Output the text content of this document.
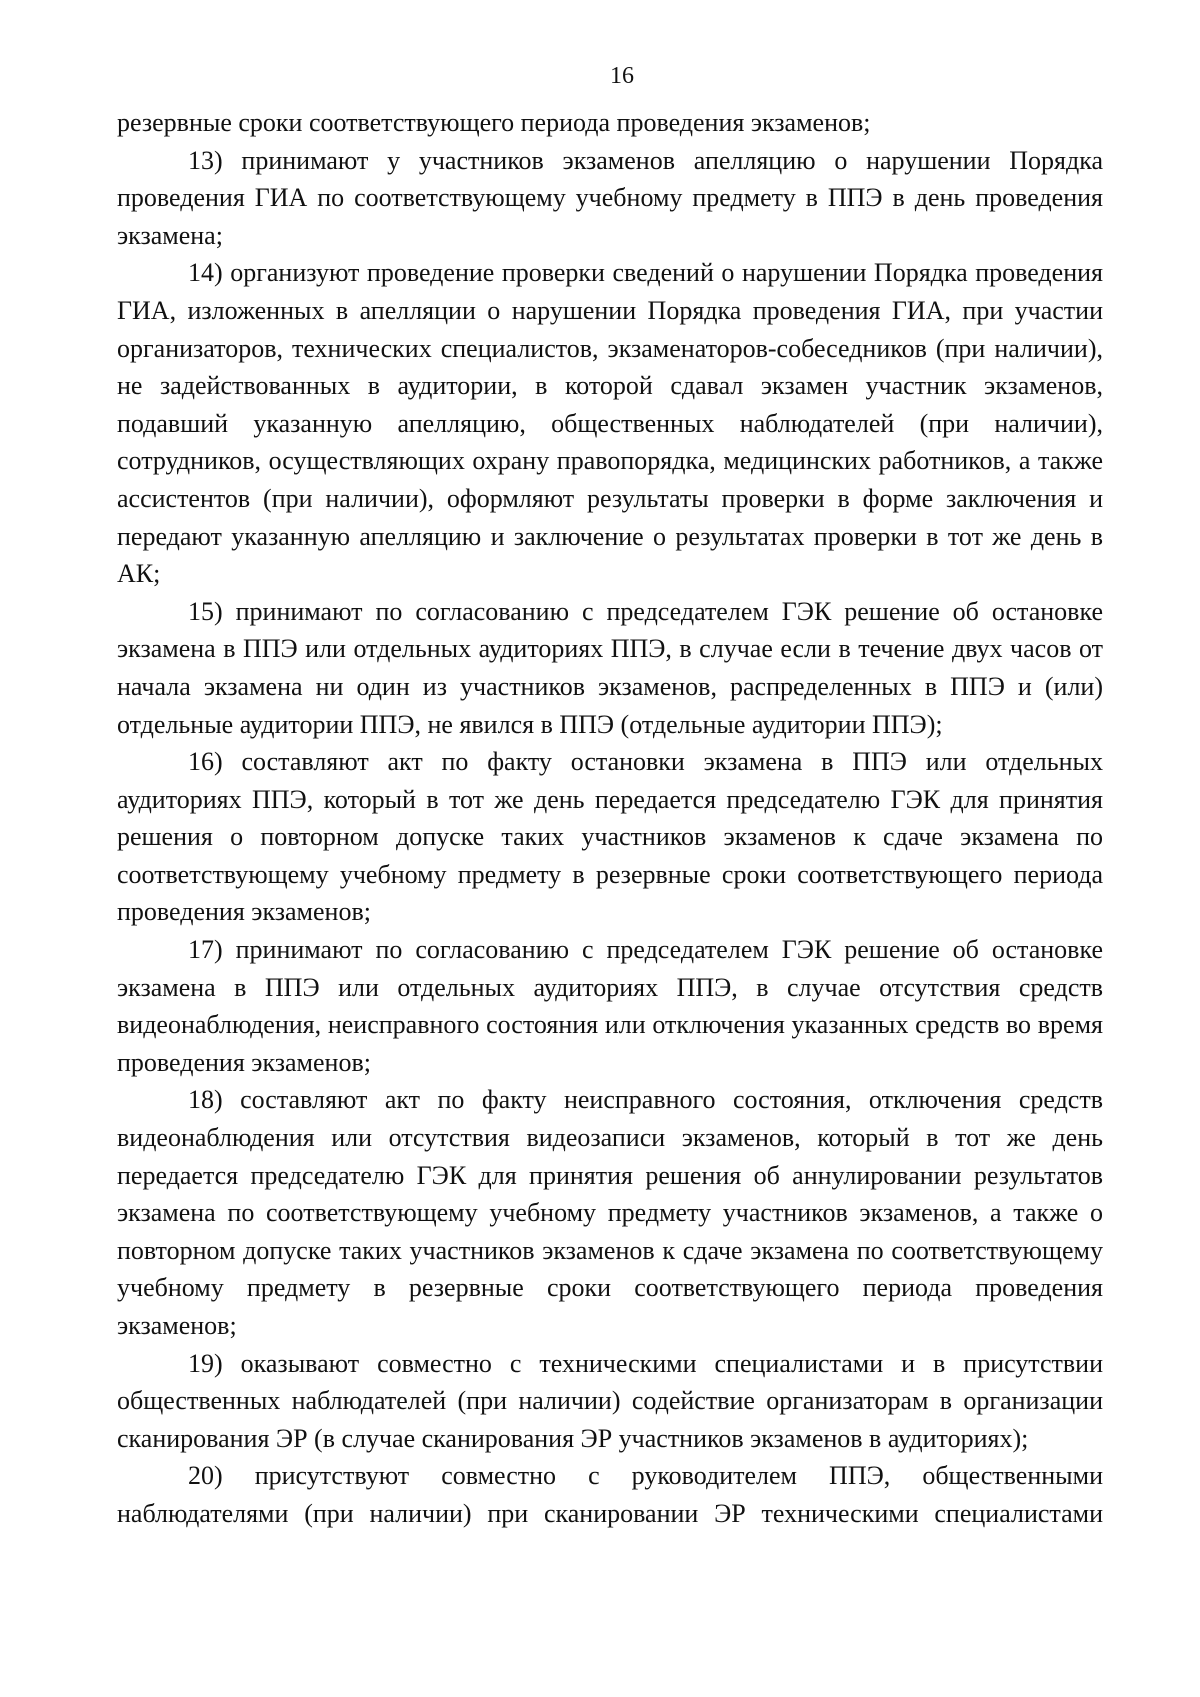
16

резервные сроки соответствующего периода проведения экзаменов;

13) принимают у участников экзаменов апелляцию о нарушении Порядка проведения ГИА по соответствующему учебному предмету в ППЭ в день проведения экзамена;

14) организуют проведение проверки сведений о нарушении Порядка проведения ГИА, изложенных в апелляции о нарушении Порядка проведения ГИА, при участии организаторов, технических специалистов, экзаменаторов-собеседников (при наличии), не задействованных в аудитории, в которой сдавал экзамен участник экзаменов, подавший указанную апелляцию, общественных наблюдателей (при наличии), сотрудников, осуществляющих охрану правопорядка, медицинских работников, а также ассистентов (при наличии), оформляют результаты проверки в форме заключения и передают указанную апелляцию и заключение о результатах проверки в тот же день в АК;

15) принимают по согласованию с председателем ГЭК решение об остановке экзамена в ППЭ или отдельных аудиториях ППЭ, в случае если в течение двух часов от начала экзамена ни один из участников экзаменов, распределенных в ППЭ и (или) отдельные аудитории ППЭ, не явился в ППЭ (отдельные аудитории ППЭ);

16) составляют акт по факту остановки экзамена в ППЭ или отдельных аудиториях ППЭ, который в тот же день передается председателю ГЭК для принятия решения о повторном допуске таких участников экзаменов к сдаче экзамена по соответствующему учебному предмету в резервные сроки соответствующего периода проведения экзаменов;

17) принимают по согласованию с председателем ГЭК решение об остановке экзамена в ППЭ или отдельных аудиториях ППЭ, в случае отсутствия средств видеонаблюдения, неисправного состояния или отключения указанных средств во время проведения экзаменов;

18) составляют акт по факту неисправного состояния, отключения средств видеонаблюдения или отсутствия видеозаписи экзаменов, который в тот же день передается председателю ГЭК для принятия решения об аннулировании результатов экзамена по соответствующему учебному предмету участников экзаменов, а также о повторном допуске таких участников экзаменов к сдаче экзамена по соответствующему учебному предмету в резервные сроки соответствующего периода проведения экзаменов;

19) оказывают совместно с техническими специалистами и в присутствии общественных наблюдателей (при наличии) содействие организаторам в организации сканирования ЭР (в случае сканирования ЭР участников экзаменов в аудиториях);

20) присутствуют совместно с руководителем ППЭ, общественными наблюдателями (при наличии) при сканировании ЭР техническими специалистами
